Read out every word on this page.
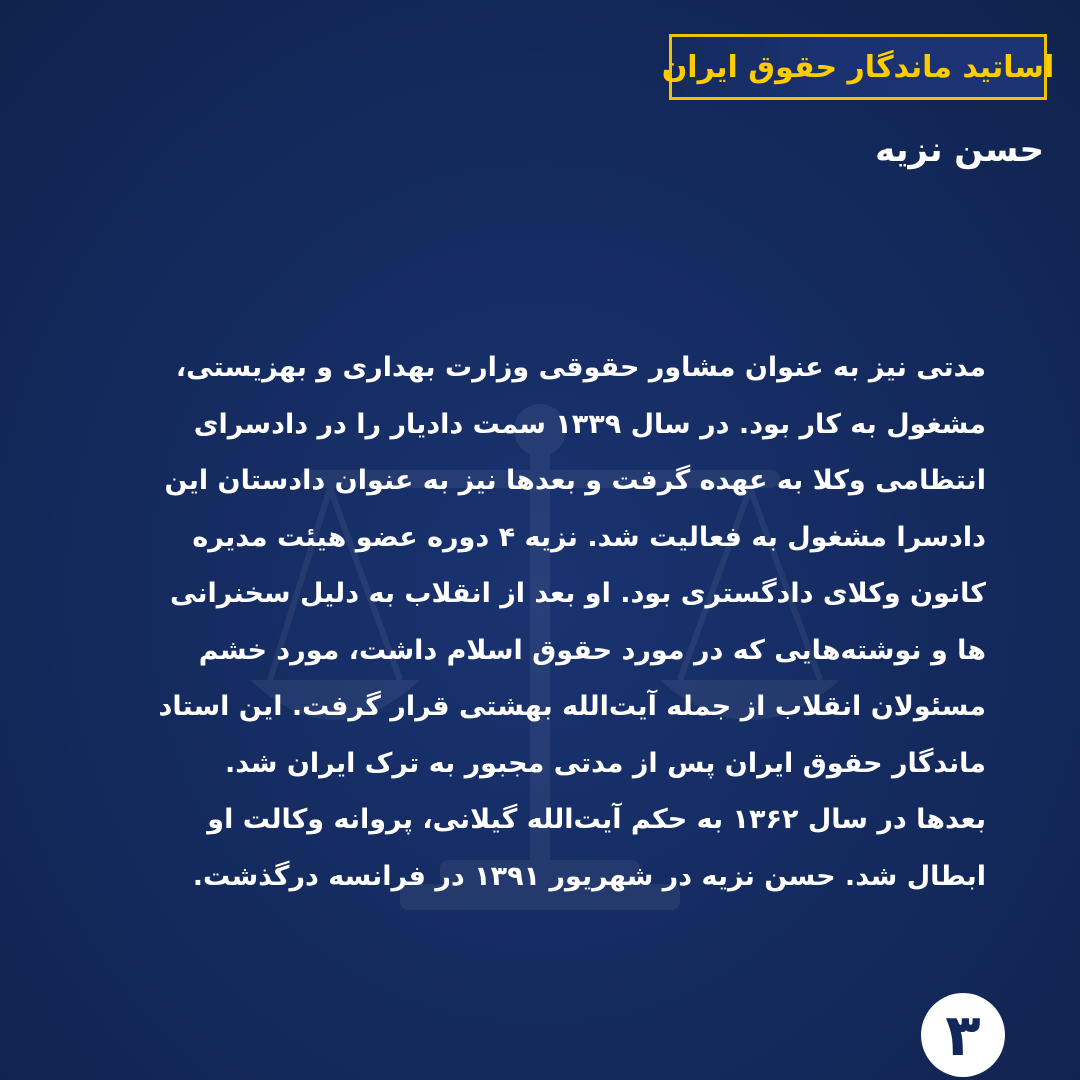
اساتید ماندگار حقوق ایران
حسن نزیه
مدتی نیز به عنوان مشاور حقوقی وزارت بهداری و بهزیستی،
مشغول به کار بود. در سال ۱۳۳۹ سمت دادیار را در دادسرای
انتظامی وکلا به عهده گرفت و بعدها نیز به عنوان دادستان این
دادسرا مشغول به فعالیت شد. نزیه ۴ دوره عضو هیئت مدیره
کانون وکلای دادگستری بود. او بعد از انقلاب به دلیل سخنرانی
ها و نوشته‌هایی که در مورد حقوق اسلام داشت، مورد خشم
مسئولان انقلاب از جمله آیت‌الله بهشتی قرار گرفت. این استاد
ماندگار حقوق ایران پس از مدتی مجبور به ترک ایران شد.
بعدها در سال ۱۳۶۲ به حکم آیت‌الله گیلانی، پروانه وکالت او
ابطال شد. حسن نزیه در شهریور ۱۳۹۱ در فرانسه درگذشت.
۳
